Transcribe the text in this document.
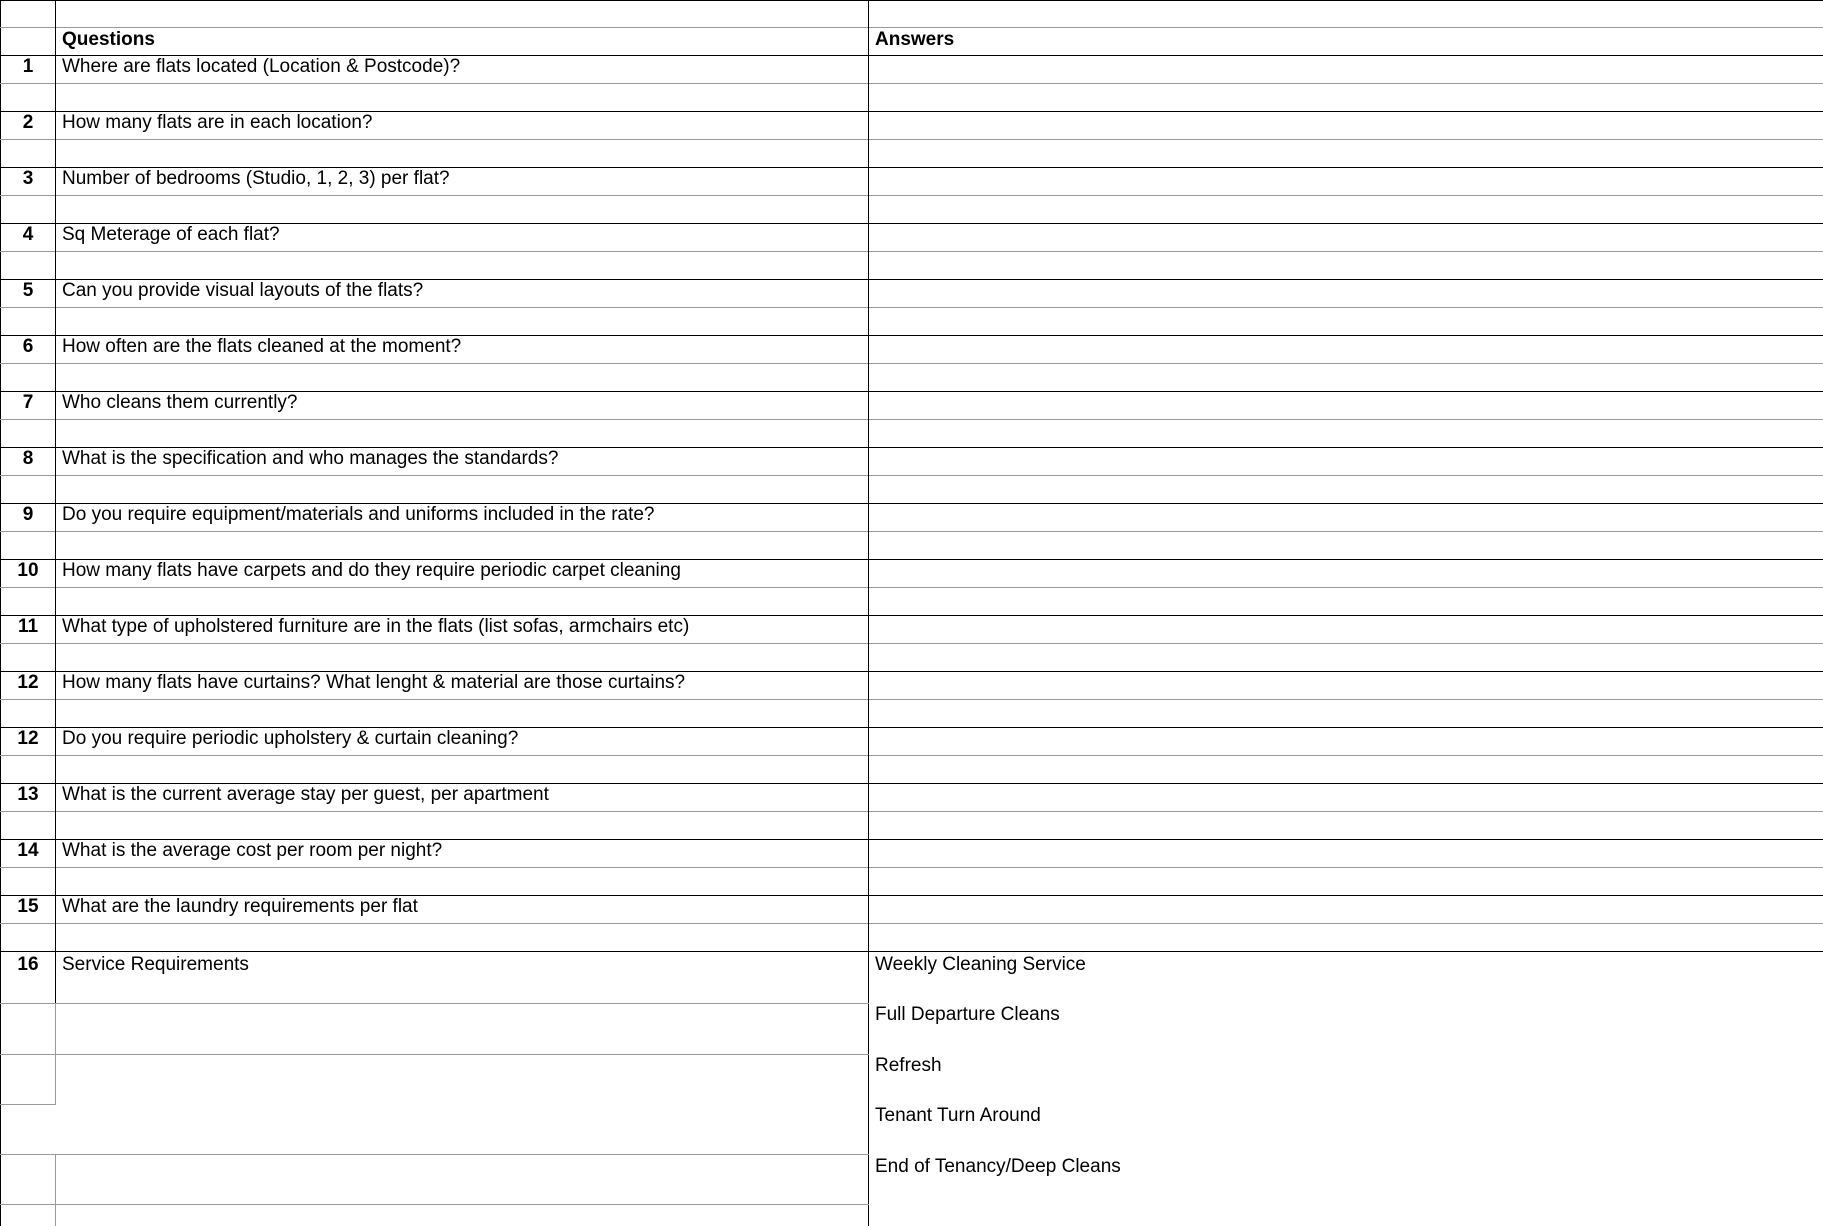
Questions	Answers
1	Where are flats located (Location & Postcode)?
2	How many flats are in each location?
3	Number of bedrooms (Studio, 1, 2, 3) per flat?
4	Sq Meterage of each flat?
5	Can you provide visual layouts of the flats?
6	How often are the flats cleaned at the moment?
7	Who cleans them currently?
8	What is the specification and who manages the standards?
9	Do you require equipment/materials and uniforms included in the rate?
10	How many flats have carpets and do they require periodic carpet cleaning
11	What type of upholstered furniture are in the flats (list sofas, armchairs etc)
12	How many flats have curtains? What lenght & material are those curtains?
12	Do you require periodic upholstery & curtain cleaning?
13	What is the current average stay per guest, per apartment
14	What is the average cost per room per night?
15	What are the laundry requirements per flat
16	Service Requirements	Weekly Cleaning Service
Full Departure Cleans
Refresh
Tenant Turn Around
End of Tenancy/Deep Cleans
